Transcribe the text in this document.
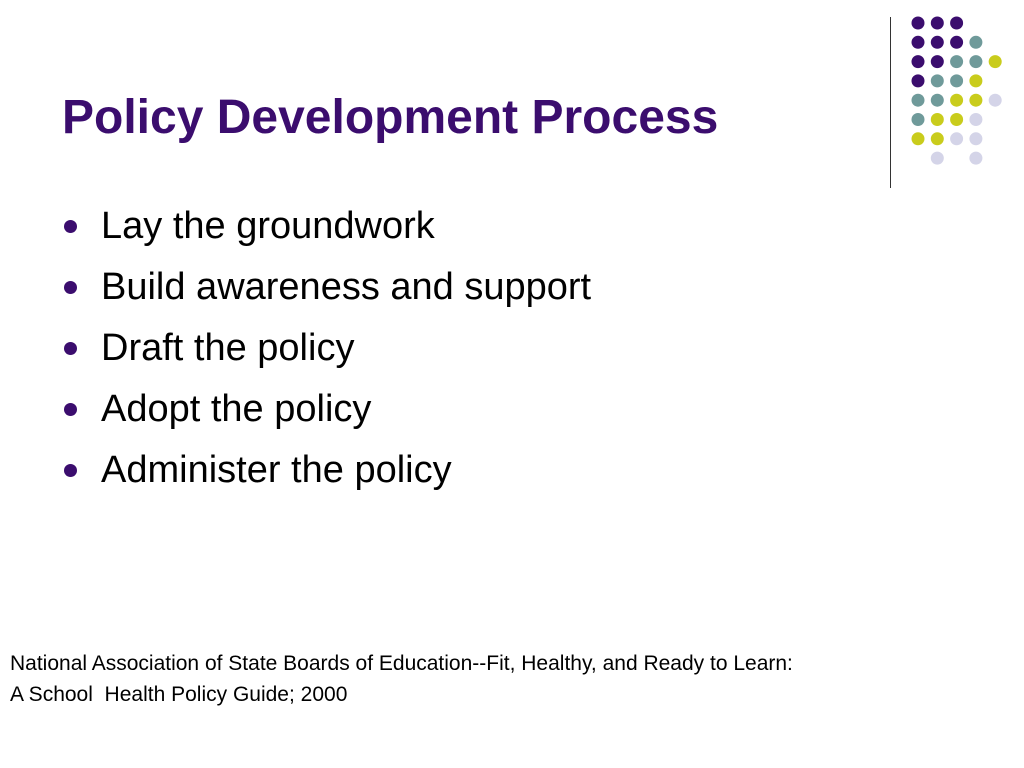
Policy Development Process
Lay the groundwork
Build awareness and support
Draft the policy
Adopt the policy
Administer the policy
National Association of State Boards of Education--Fit, Healthy, and Ready to Learn:
A School  Health Policy Guide; 2000
